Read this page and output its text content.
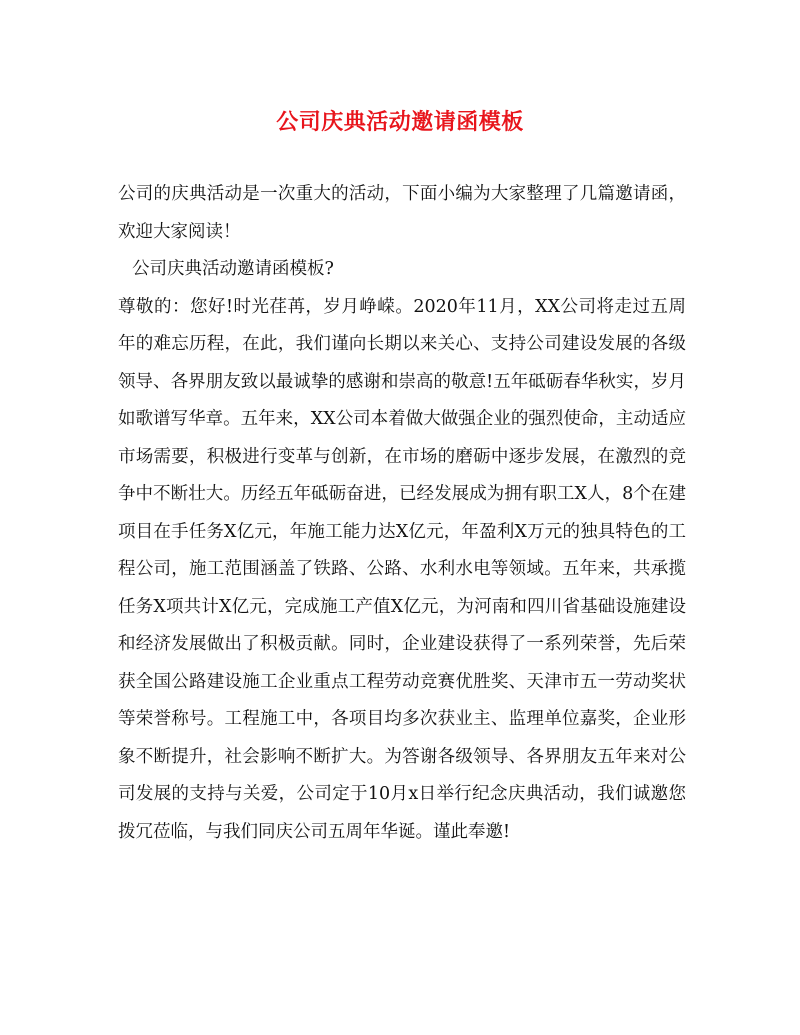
公司庆典活动邀请函模板

公司的庆典活动是一次重大的活动，下面小编为大家整理了几篇邀请函，欢迎大家阅读！

公司庆典活动邀请函模板?

尊敬的：您好!时光荏苒，岁月峥嵘。2020年11月，XX公司将走过五周年的难忘历程，在此，我们谨向长期以来关心、支持公司建设发展的各级领导、各界朋友致以最诚挚的感谢和崇高的敬意!五年砥砺春华秋实，岁月如歌谱写华章。五年来，XX公司本着做大做强企业的强烈使命，主动适应市场需要，积极进行变革与创新，在市场的磨砺中逐步发展，在激烈的竞争中不断壮大。历经五年砥砺奋进，已经发展成为拥有职工X人，8个在建项目在手任务X亿元，年施工能力达X亿元，年盈利X万元的独具特色的工程公司，施工范围涵盖了铁路、公路、水利水电等领域。五年来，共承揽任务X项共计X亿元，完成施工产值X亿元，为河南和四川省基础设施建设和经济发展做出了积极贡献。同时，企业建设获得了一系列荣誉，先后荣获全国公路建设施工企业重点工程劳动竞赛优胜奖、天津市五一劳动奖状等荣誉称号。工程施工中，各项目均多次获业主、监理单位嘉奖，企业形象不断提升，社会影响不断扩大。为答谢各级领导、各界朋友五年来对公司发展的支持与关爱，公司定于10月x日举行纪念庆典活动，我们诚邀您拨冗莅临，与我们同庆公司五周年华诞。谨此奉邀!
